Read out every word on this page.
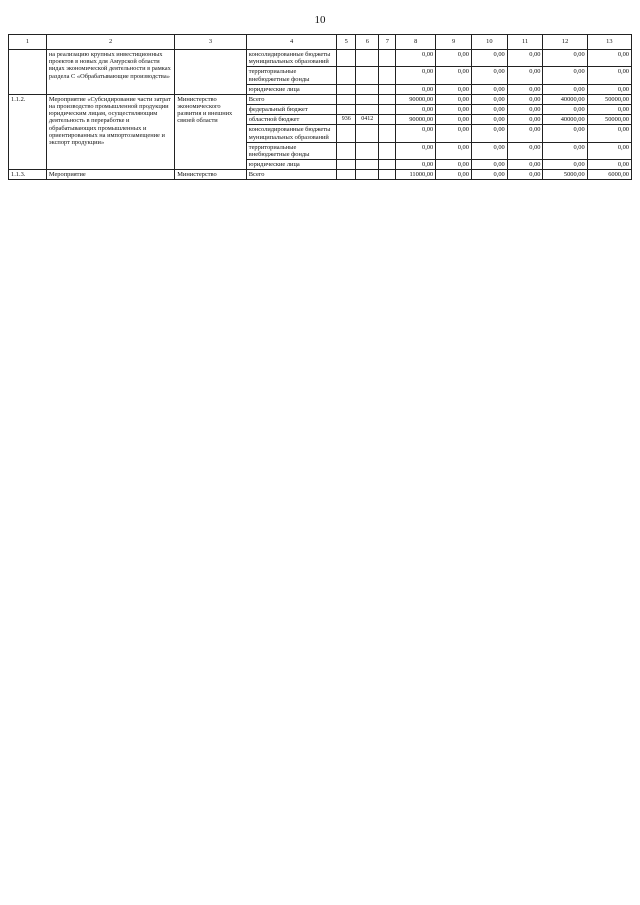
10
1	2	3	4	5	6	7	8	9	10	11	12	13
	на реализацию крупных инвестиционных проектов в новых для Амурской области видах экономической деятельности в рамках раздела С «Обрабатывающие производства»		консолидированные бюджеты муниципальных образований				0,00	0,00	0,00	0,00	0,00	0,00
			территориальные внебюджетные фонды				0,00	0,00	0,00	0,00	0,00	0,00
			юридические лица				0,00	0,00	0,00	0,00	0,00	0,00
1.1.2.	Мероприятие «Субсидирование части затрат на производство промышленной продукции юридическим лицам, осуществляющим деятельность в переработке и обрабатывающих промышленных и ориентированных на импортозамещение и экспорт продукции»	Министерство экономического развития и внешних связей области	Всего				90000,00	0,00	0,00	0,00	40000,00	50000,00
			федеральный бюджет				0,00	0,00	0,00	0,00	0,00	0,00
			областной бюджет	936	0412		90000,00	0,00	0,00	0,00	40000,00	50000,00
			консолидированные бюджеты муниципальных образований				0,00	0,00	0,00	0,00	0,00	0,00
			территориальные внебюджетные фонды				0,00	0,00	0,00	0,00	0,00	0,00
			юридические лица				0,00	0,00	0,00	0,00	0,00	0,00
1.1.3.	Мероприятие	Министерство	Всего				11000,00	0,00	0,00	0,00	5000,00	6000,00
